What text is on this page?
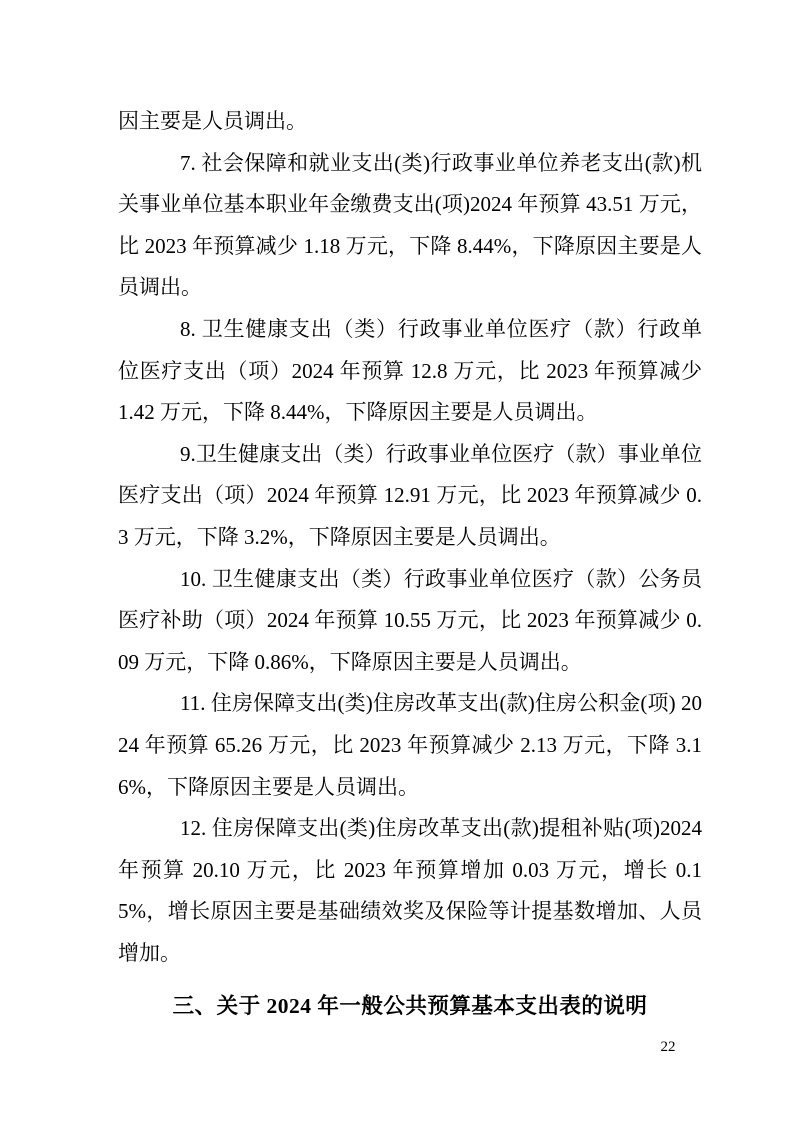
因主要是人员调出。

7. 社会保障和就业支出(类)行政事业单位养老支出(款)机关事业单位基本职业年金缴费支出(项)2024 年预算 43.51 万元，比 2023 年预算减少 1.18 万元，下降 8.44%，下降原因主要是人员调出。

8. 卫生健康支出（类）行政事业单位医疗（款）行政单位医疗支出（项）2024 年预算 12.8 万元，比 2023 年预算减少 1.42 万元，下降 8.44%，下降原因主要是人员调出。

9.卫生健康支出（类）行政事业单位医疗（款）事业单位医疗支出（项）2024 年预算 12.91 万元，比 2023 年预算减少 0.3 万元，下降 3.2%，下降原因主要是人员调出。

10. 卫生健康支出（类）行政事业单位医疗（款）公务员医疗补助（项）2024 年预算 10.55 万元，比 2023 年预算减少 0.09 万元，下降 0.86%，下降原因主要是人员调出。

11. 住房保障支出(类)住房改革支出(款)住房公积金(项) 2024 年预算 65.26 万元，比 2023 年预算减少 2.13 万元，下降 3.16%，下降原因主要是人员调出。

12. 住房保障支出(类)住房改革支出(款)提租补贴(项)2024 年预算 20.10 万元，比 2023 年预算增加 0.03 万元，增长 0.15%，增长原因主要是基础绩效奖及保险等计提基数增加、人员增加。

三、关于 2024 年一般公共预算基本支出表的说明
22
